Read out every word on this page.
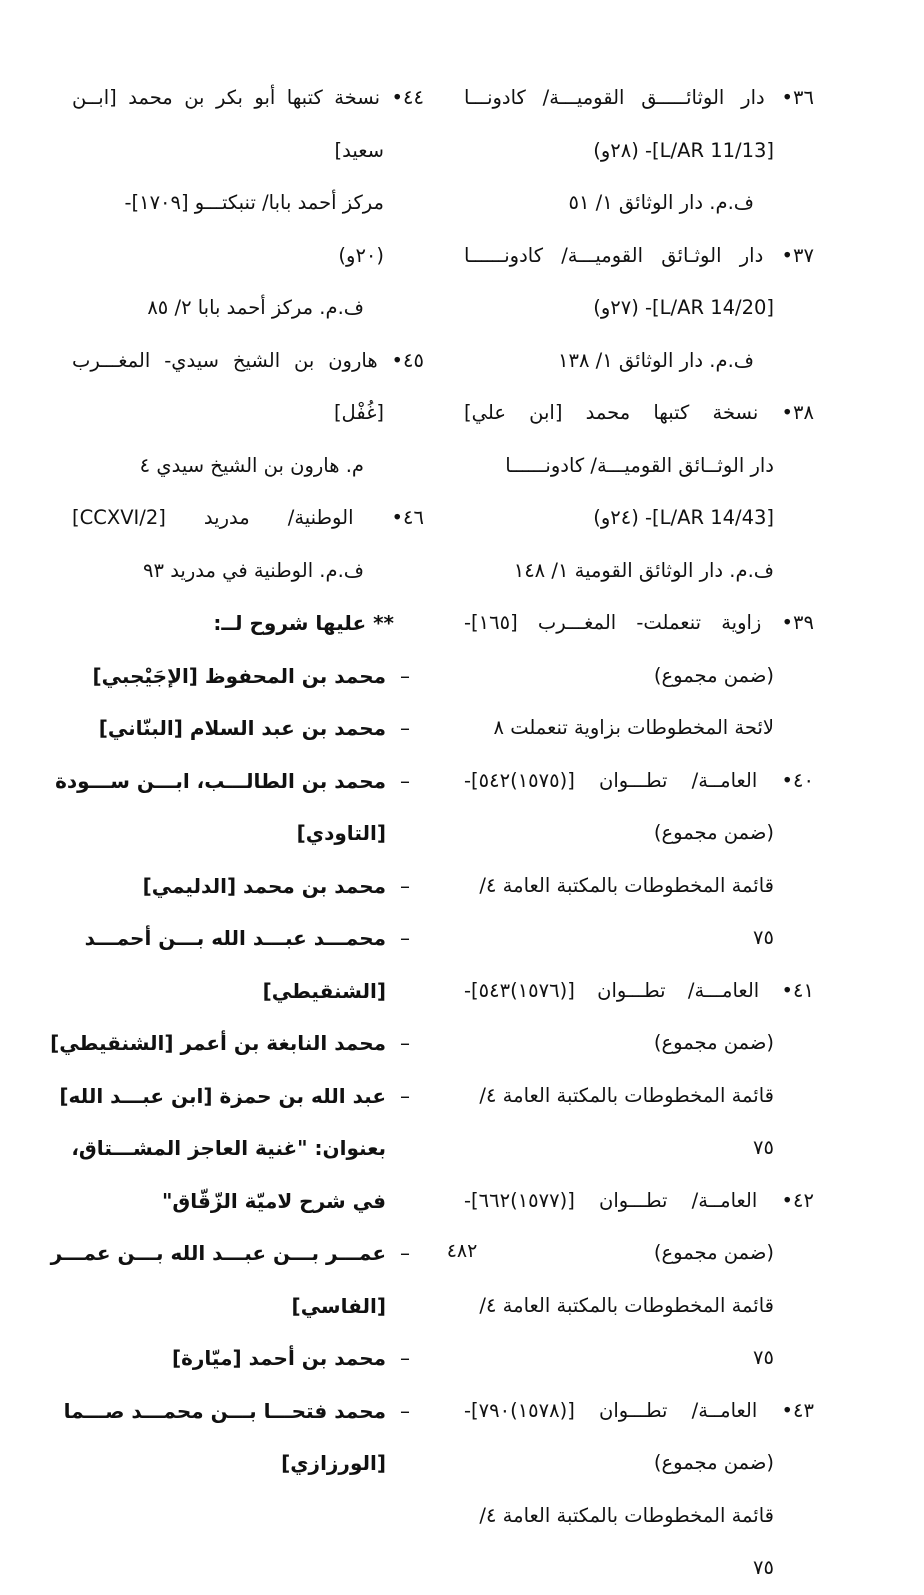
٣٦• دار الوثائـــــق القوميـــة/ كادونـــا
[L/AR 11/13]- (٢٨و)
ف.م. دار الوثائق ١/ ٥١
٣٧• دار الوثـائق القوميـــة/ كادونــــــا
[L/AR 14/20]- (٢٧و)
ف.م. دار الوثائق ١/ ١٣٨
٣٨• نسخة كتبها محمد [ابن علي]
دار الوثــائق القوميـــة/ كادونــــــا
[L/AR 14/43]- (٢٤و)
ف.م. دار الوثائق القومية ١/ ١٤٨
٣٩• زاوية تنعملت- المغـــرب [١٦٥]-
(ضمن مجموع)
لائحة المخطوطات بزاوية تنعملت ٨
٤٠• العامــة/ تطـــوان [(١٥٧٥)٥٤٢]-
(ضمن مجموع)
قائمة المخطوطات بالمكتبة العامة ٤/
٧٥
٤١• العامـــة/ تطـــوان [(١٥٧٦)٥٤٣]-
(ضمن مجموع)
قائمة المخطوطات بالمكتبة العامة ٤/
٧٥
٤٢• العامــة/ تطـــوان [(١٥٧٧)٦٦٢]-
(ضمن مجموع)
قائمة المخطوطات بالمكتبة العامة ٤/
٧٥
٤٣• العامــة/ تطـــوان [(١٥٧٨)٧٩٠]-
(ضمن مجموع)
قائمة المخطوطات بالمكتبة العامة ٤/
٧٥
٤٤• نسخة كتبها أبو بكر بن محمد [ابــن
سعيد]
مركز أحمد بابا/ تنبكتـــو [١٧٠٩]-
(٢٠و)
ف.م. مركز أحمد بابا ٢/ ٨٥
٤٥• هارون بن الشيخ سيدي- المغـــرب
[غُفْل]
م. هارون بن الشيخ سيدي ٤
٤٦• الوطنية/ مدريد [CCXVI/2]
ف.م. الوطنية في مدريد ٩٣
** عليها شروح لــ:
–محمد بن المحفوظ [الإجَيْجبي]
–محمد بن عبد السلام [البنّاني]
–محمد بن الطالـــب، ابـــن ســـودة
[التاودي]
–محمد بن محمد [الدليمي]
–محمـــد عبـــد الله بـــن أحمـــد
[الشنقيطي]
–محمد النابغة بن أعمر [الشنقيطي]
–عبد الله بن حمزة [ابن عبـــد الله]
بعنوان: "غنية العاجز المشـــتاق،
في شرح لاميّة الزّقّاق"
–عمـــر بـــن عبـــد الله بـــن عمـــر
[الفاسي]
–محمد بن أحمد [ميّارة]
–محمد فتحـــا بـــن محمـــد صـــما
[الورزازي]
٤٨٢
